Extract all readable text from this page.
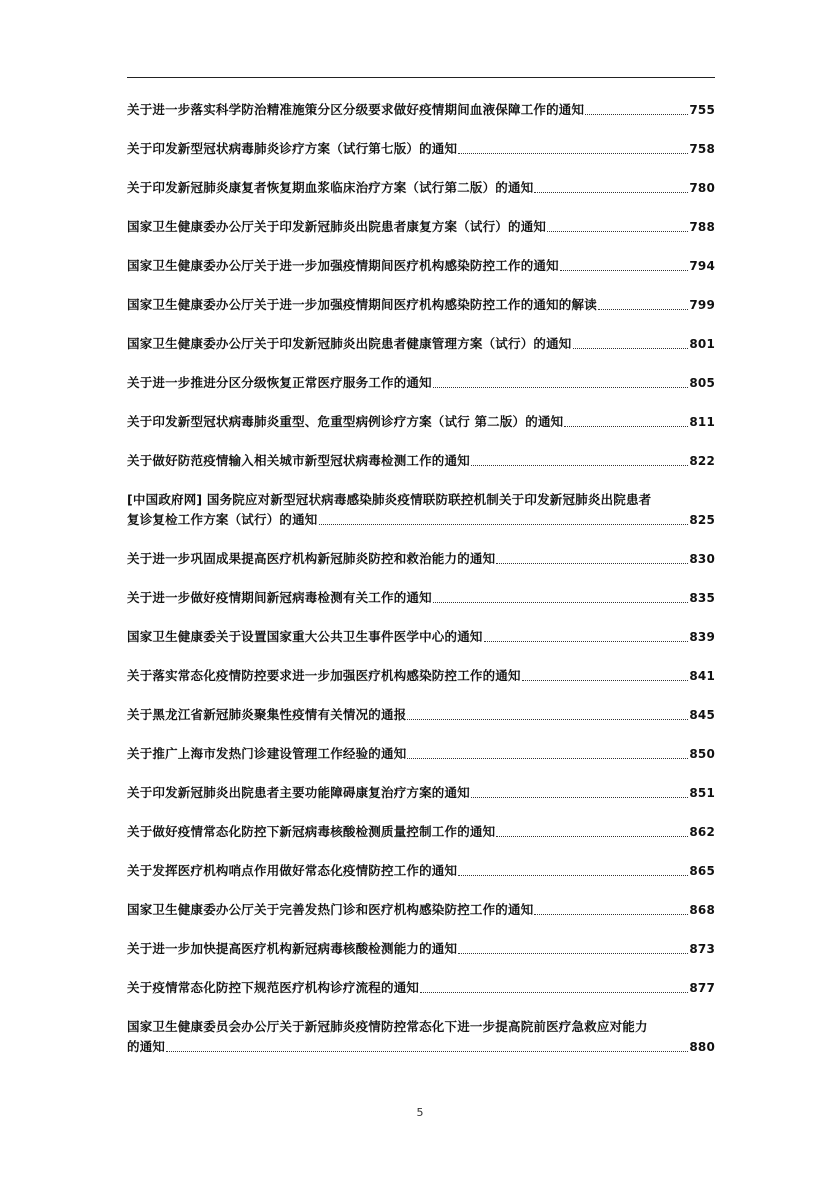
关于进一步落实科学防治精准施策分区分级要求做好疫情期间血液保障工作的通知	755
关于印发新型冠状病毒肺炎诊疗方案（试行第七版）的通知	758
关于印发新冠肺炎康复者恢复期血浆临床治疗方案（试行第二版）的通知	780
国家卫生健康委办公厅关于印发新冠肺炎出院患者康复方案（试行）的通知	788
国家卫生健康委办公厅关于进一步加强疫情期间医疗机构感染防控工作的通知	794
国家卫生健康委办公厅关于进一步加强疫情期间医疗机构感染防控工作的通知的解读	799
国家卫生健康委办公厅关于印发新冠肺炎出院患者健康管理方案（试行）的通知	801
关于进一步推进分区分级恢复正常医疗服务工作的通知	805
关于印发新型冠状病毒肺炎重型、危重型病例诊疗方案（试行 第二版）的通知	811
关于做好防范疫情输入相关城市新型冠状病毒检测工作的通知	822
[中国政府网] 国务院应对新型冠状病毒感染肺炎疫情联防联控机制关于印发新冠肺炎出院患者
复诊复检工作方案（试行）的通知	825
关于进一步巩固成果提高医疗机构新冠肺炎防控和救治能力的通知	830
关于进一步做好疫情期间新冠病毒检测有关工作的通知	835
国家卫生健康委关于设置国家重大公共卫生事件医学中心的通知	839
关于落实常态化疫情防控要求进一步加强医疗机构感染防控工作的通知	841
关于黑龙江省新冠肺炎聚集性疫情有关情况的通报	845
关于推广上海市发热门诊建设管理工作经验的通知	850
关于印发新冠肺炎出院患者主要功能障碍康复治疗方案的通知	851
关于做好疫情常态化防控下新冠病毒核酸检测质量控制工作的通知	862
关于发挥医疗机构哨点作用做好常态化疫情防控工作的通知	865
国家卫生健康委办公厅关于完善发热门诊和医疗机构感染防控工作的通知	868
关于进一步加快提高医疗机构新冠病毒核酸检测能力的通知	873
关于疫情常态化防控下规范医疗机构诊疗流程的通知	877
国家卫生健康委员会办公厅关于新冠肺炎疫情防控常态化下进一步提高院前医疗急救应对能力
的通知	880
5
